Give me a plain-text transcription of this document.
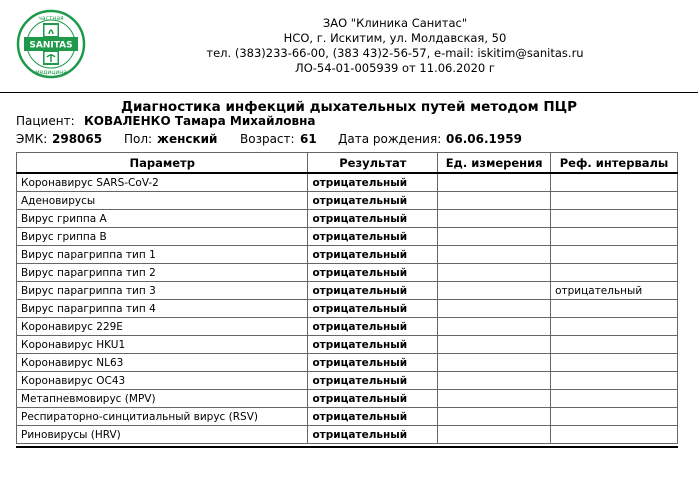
SANITAS
частная
медицина
ЗАО "Клиника Санитас"
НСО, г. Искитим, ул. Молдавская, 50
тел. (383)233-66-00, (383 43)2-56-57, e-mail: iskitim@sanitas.ru
ЛО-54-01-005939 от 11.06.2020 г
Диагностика инфекций дыхательных путей методом ПЦР
Пациент: КОВАЛЕНКО Тамара Михайловна
ЭМК: 298065 Пол: женский Возраст: 61 Дата рождения: 06.06.1959
Параметр	Результат	Ед. измерения	Реф. интервалы
Коронавирус SARS-CoV-2	отрицательный		
Аденовирусы	отрицательный		
Вирус гриппа А	отрицательный		
Вирус гриппа В	отрицательный		
Вирус парагриппа тип 1	отрицательный		
Вирус парагриппа тип 2	отрицательный		
Вирус парагриппа тип 3	отрицательный		отрицательный
Вирус парагриппа тип 4	отрицательный		
Коронавирус 229E	отрицательный		
Коронавирус HKU1	отрицательный		
Коронавирус NL63	отрицательный		
Коронавирус OC43	отрицательный		
Метапневмовирус (MPV)	отрицательный		
Респираторно-синцитиальный вирус (RSV)	отрицательный		
Риновирусы (HRV)	отрицательный		
